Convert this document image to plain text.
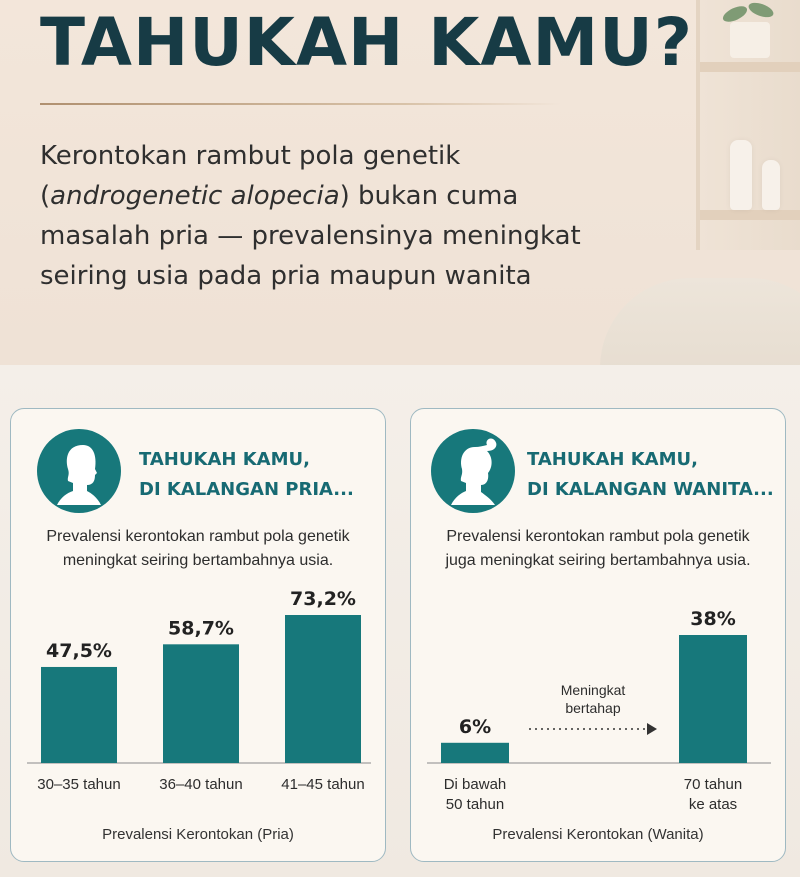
TAHUKAH KAMU?

Kerontokan rambut pola genetik (androgenetic alopecia) bukan cuma masalah pria — prevalensinya meningkat seiring usia pada pria maupun wanita

TAHUKAH KAMU,
DI KALANGAN PRIA...
Prevalensi kerontokan rambut pola genetik
meningkat seiring bertambahnya usia.
47,5%
30–35 tahun
58,7%
36–40 tahun
73,2%
41–45 tahun

Prevalensi Kerontokan (Pria)

TAHUKAH KAMU,
DI KALANGAN WANITA...
Prevalensi kerontokan rambut pola genetik
juga meningkat seiring bertambahnya usia.
6%
Di bawah
50 tahun
38%
70 tahun
ke atas
Meningkat
bertahap

Prevalensi Kerontokan (Wanita)
